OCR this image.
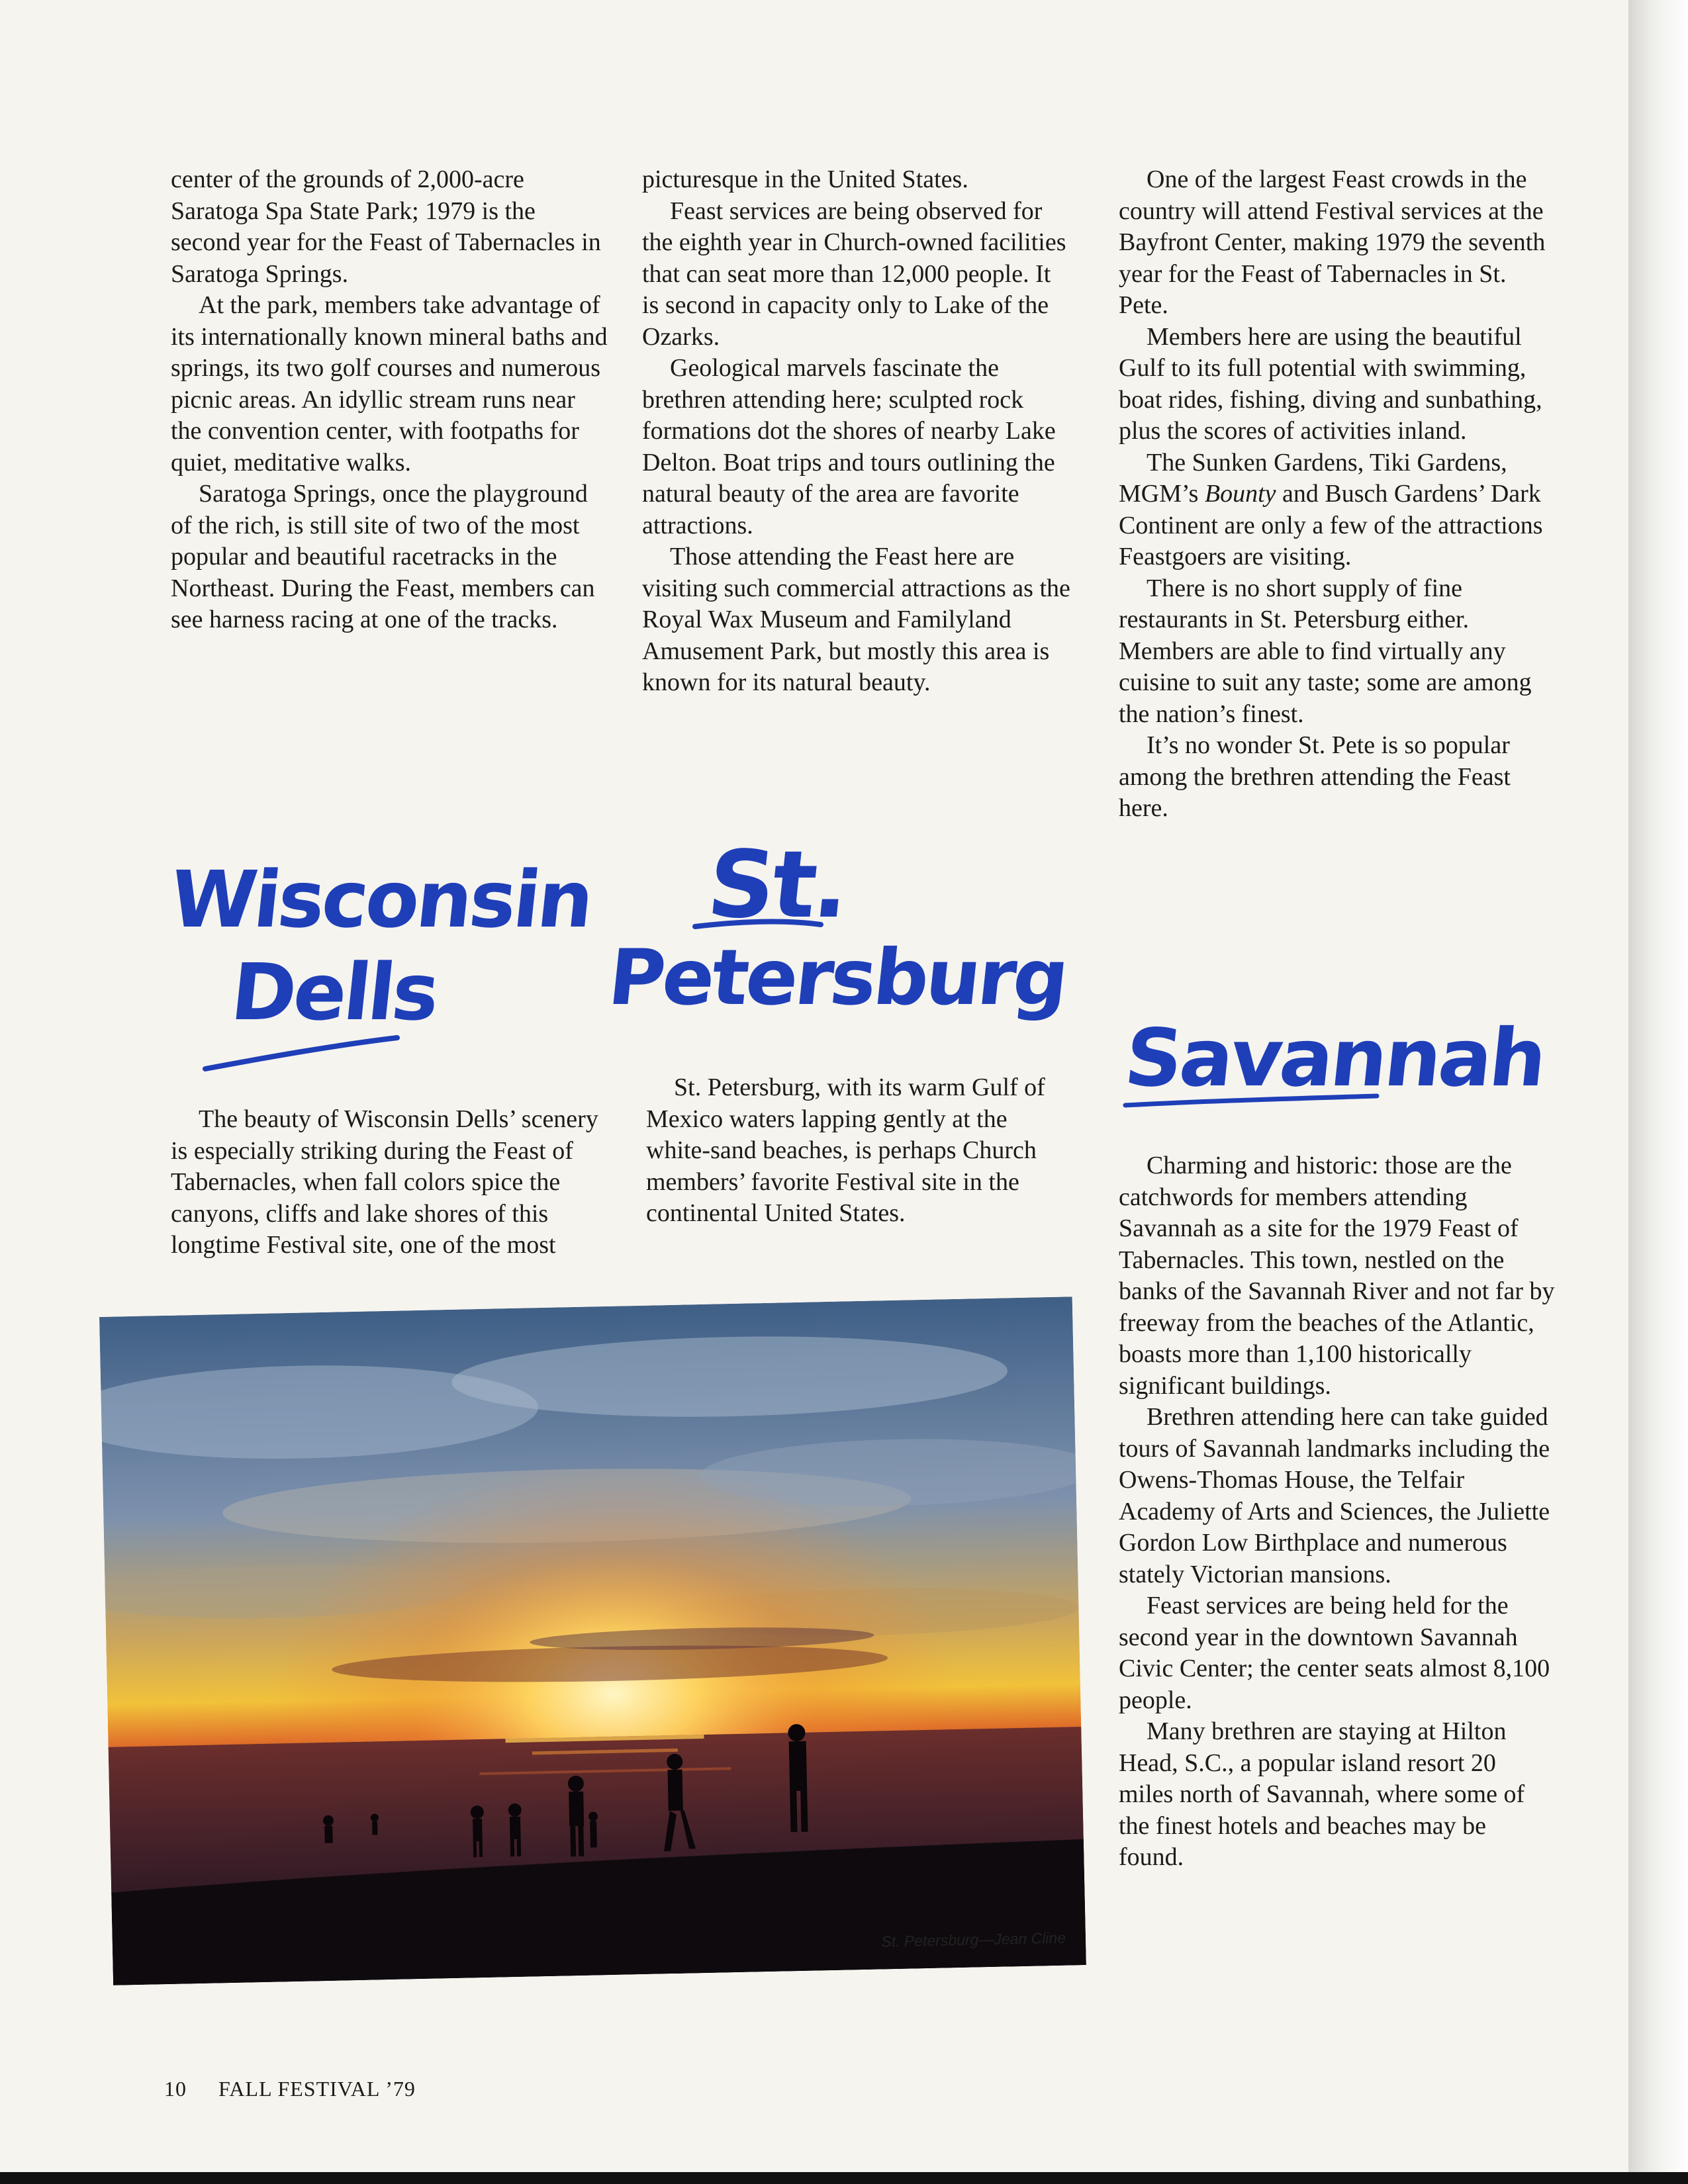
center of the grounds of 2,000-acre Saratoga Spa State Park; 1979 is the second year for the Feast of Tabernacles in Saratoga Springs.

At the park, members take advantage of its internationally known mineral baths and springs, its two golf courses and numerous picnic areas. An idyllic stream runs near the convention center, with footpaths for quiet, meditative walks.

Saratoga Springs, once the playground of the rich, is still site of two of the most popular and beautiful racetracks in the Northeast. During the Feast, members can see harness racing at one of the tracks.

picturesque in the United States.

Feast services are being observed for the eighth year in Church-owned facilities that can seat more than 12,000 people. It is second in capacity only to Lake of the Ozarks.

Geological marvels fascinate the brethren attending here; sculpted rock formations dot the shores of nearby Lake Delton. Boat trips and tours outlining the natural beauty of the area are favorite attractions.

Those attending the Feast here are visiting such commercial attractions as the Royal Wax Museum and Familyland Amusement Park, but mostly this area is known for its natural beauty.

One of the largest Feast crowds in the country will attend Festival services at the Bayfront Center, making 1979 the seventh year for the Feast of Tabernacles in St. Pete.

Members here are using the beautiful Gulf to its full potential with swimming, boat rides, fishing, diving and sunbathing, plus the scores of activities inland.

The Sunken Gardens, Tiki Gardens, MGM’s Bounty and Busch Gardens’ Dark Continent are only a few of the attractions Feastgoers are visiting.

There is no short supply of fine restaurants in St. Petersburg either. Members are able to find virtually any cuisine to suit any taste; some are among the nation’s finest.

It’s no wonder St. Pete is so popular among the brethren attending the Feast here.

Wisconsin
Dells
St.
Petersburg
Savannah

The beauty of Wisconsin Dells’ scenery is especially striking during the Feast of Tabernacles, when fall colors spice the canyons, cliffs and lake shores of this longtime Festival site, one of the most

St. Petersburg, with its warm Gulf of Mexico waters lapping gently at the white-sand beaches, is perhaps Church members’ favorite Festival site in the continental United States.

Charming and historic: those are the catchwords for members attending Savannah as a site for the 1979 Feast of Tabernacles. This town, nestled on the banks of the Savannah River and not far by freeway from the beaches of the Atlantic, boasts more than 1,100 historically significant buildings.

Brethren attending here can take guided tours of Savannah landmarks including the Owens-Thomas House, the Telfair Academy of Arts and Sciences, the Juliette Gordon Low Birthplace and numerous stately Victorian mansions.

Feast services are being held for the second year in the downtown Savannah Civic Center; the center seats almost 8,100 people.

Many brethren are staying at Hilton Head, S.C., a popular island resort 20 miles north of Savannah, where some of the finest hotels and beaches may be found.

St. Petersburg—Jean Cline
10 FALL FESTIVAL ’79
